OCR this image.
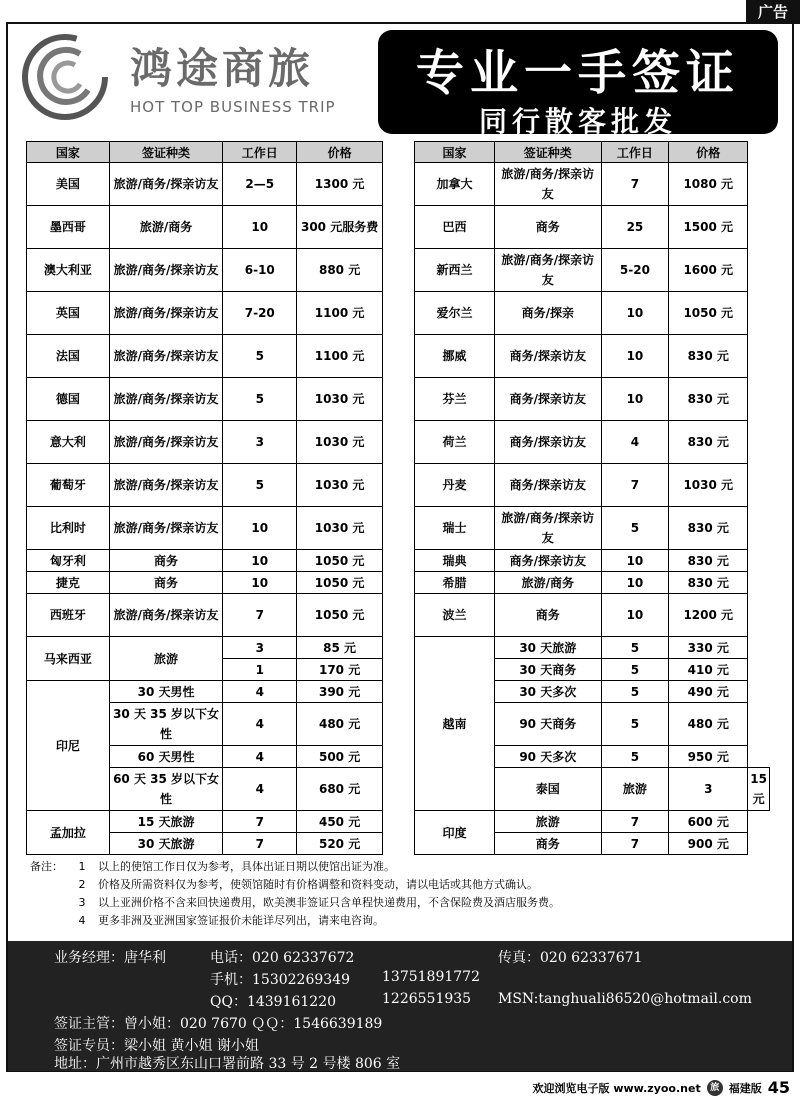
广告
鸿途商旅
HOT TOP BUSINESS TRIP
专业一手签证
同行散客批发
国家	签证种类	工作日	价格
美国	旅游/商务/探亲访友	2—5	1300 元
墨西哥	旅游/商务	10	300 元服务费
澳大利亚	旅游/商务/探亲访友	6-10	880 元
英国	旅游/商务/探亲访友	7-20	1100 元
法国	旅游/商务/探亲访友	5	1100 元
德国	旅游/商务/探亲访友	5	1030 元
意大利	旅游/商务/探亲访友	3	1030 元
葡萄牙	旅游/商务/探亲访友	5	1030 元
比利时	旅游/商务/探亲访友	10	1030 元
匈牙利	商务	10	1050 元
捷克	商务	10	1050 元
西班牙	旅游/商务/探亲访友	7	1050 元
马来西亚	旅游	3	85 元
		1	170 元
印尼	30 天男性	4	390 元
	30 天 35 岁以下女性	4	480 元
	60 天男性	4	500 元
	60 天 35 岁以下女性	4	680 元

孟加拉	15 天旅游	7	450 元
	30 天旅游	7	520 元
国家	签证种类	工作日	价格	
加拿大	旅游/商务/探亲访友	7	1080 元	
巴西	商务	25	1500 元	
新西兰	旅游/商务/探亲访友	5-20	1600 元	
爱尔兰	商务/探亲	10	1050 元	
挪威	商务/探亲访友	10	830 元	
芬兰	商务/探亲访友	10	830 元	
荷兰	商务/探亲访友	4	830 元	
丹麦	商务/探亲访友	7	1030 元	
瑞士	旅游/商务/探亲访友	5	830 元	
瑞典	商务/探亲访友	10	830 元	
希腊	旅游/商务	10	830 元	
波兰	商务	10	1200 元	
越南	30 天旅游	5	330 元	
	30 天商务	5	410 元	
	30 天多次	5	490 元	
	90 天商务	5	480 元	
	90 天多次	5	950 元	
	泰国	旅游	3	15 元

印度	旅游	7	600 元	
	商务	7	900 元	
备注：	1	以上的使馆工作日仅为参考，具体出证日期以使馆出证为准。
2	价格及所需资料仅为参考，使领馆随时有价格调整和资料变动，请以电话或其他方式确认。
3	以上亚洲价格不含来回快递费用，欧美澳非签证只含单程快递费用，不含保险费及酒店服务费。
4	更多非洲及亚洲国家签证报价未能详尽列出，请来电咨询。
业务经理：唐华利	电话：020 62337672	传真：020 62337671
手机：15302269349 13751891772
QQ：1439161220	1226551935 MSN:tanghuali86520@hotmail.com
签证主管：曾小姐：020 7670 ＱＱ：1546639189
签证专员：梁小姐 黄小姐 谢小姐
地址：广州市越秀区东山口署前路 33 号 2 号楼 806 室
欢迎浏览电子版 www.zyoo.net	旅 福建版 45
